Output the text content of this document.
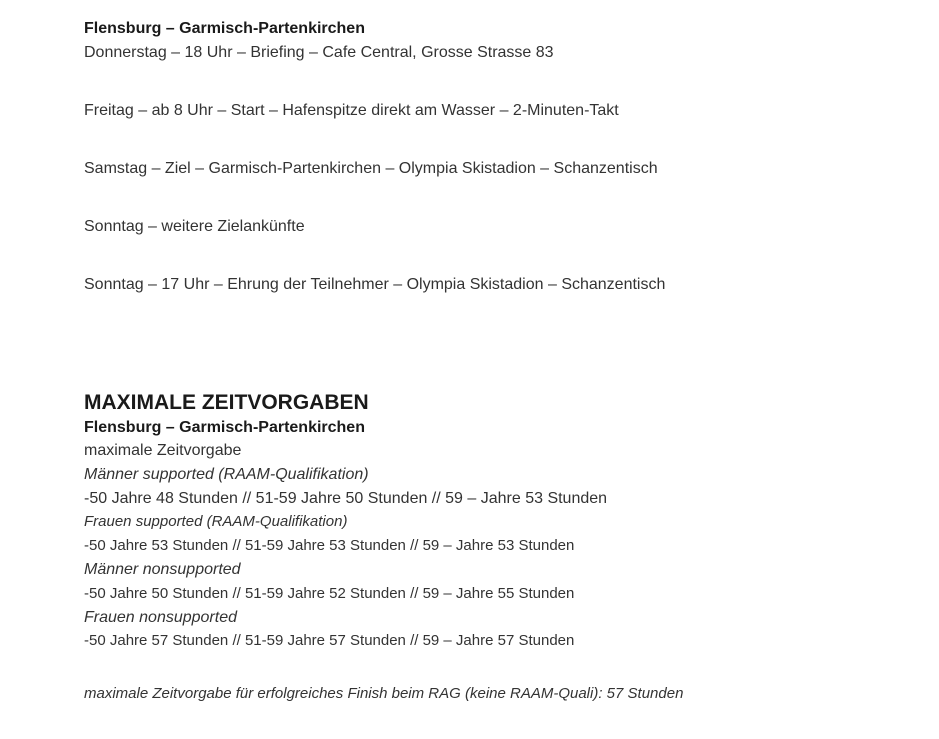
Flensburg – Garmisch-Partenkirchen

Donnerstag – 18 Uhr – Briefing – Cafe Central, Grosse Strasse 83

Freitag – ab 8 Uhr – Start – Hafenspitze direkt am Wasser – 2-Minuten-Takt

Samstag – Ziel – Garmisch-Partenkirchen – Olympia Skistadion – Schanzentisch

Sonntag – weitere Zielankünfte

Sonntag – 17 Uhr – Ehrung der Teilnehmer – Olympia Skistadion – Schanzentisch

MAXIMALE ZEITVORGABEN

Flensburg – Garmisch-Partenkirchen

maximale Zeitvorgabe

Männer supported (RAAM-Qualifikation)

-50 Jahre 48 Stunden // 51-59 Jahre 50 Stunden // 59 – Jahre 53 Stunden

Frauen supported (RAAM-Qualifikation)

-50 Jahre 53 Stunden // 51-59 Jahre 53 Stunden // 59 – Jahre 53 Stunden

Männer nonsupported

-50 Jahre 50 Stunden // 51-59 Jahre 52 Stunden // 59 – Jahre 55 Stunden

Frauen nonsupported

-50 Jahre 57 Stunden // 51-59 Jahre 57 Stunden // 59 – Jahre 57 Stunden

maximale Zeitvorgabe für erfolgreiches Finish beim RAG (keine RAAM-Quali): 57 Stunden
